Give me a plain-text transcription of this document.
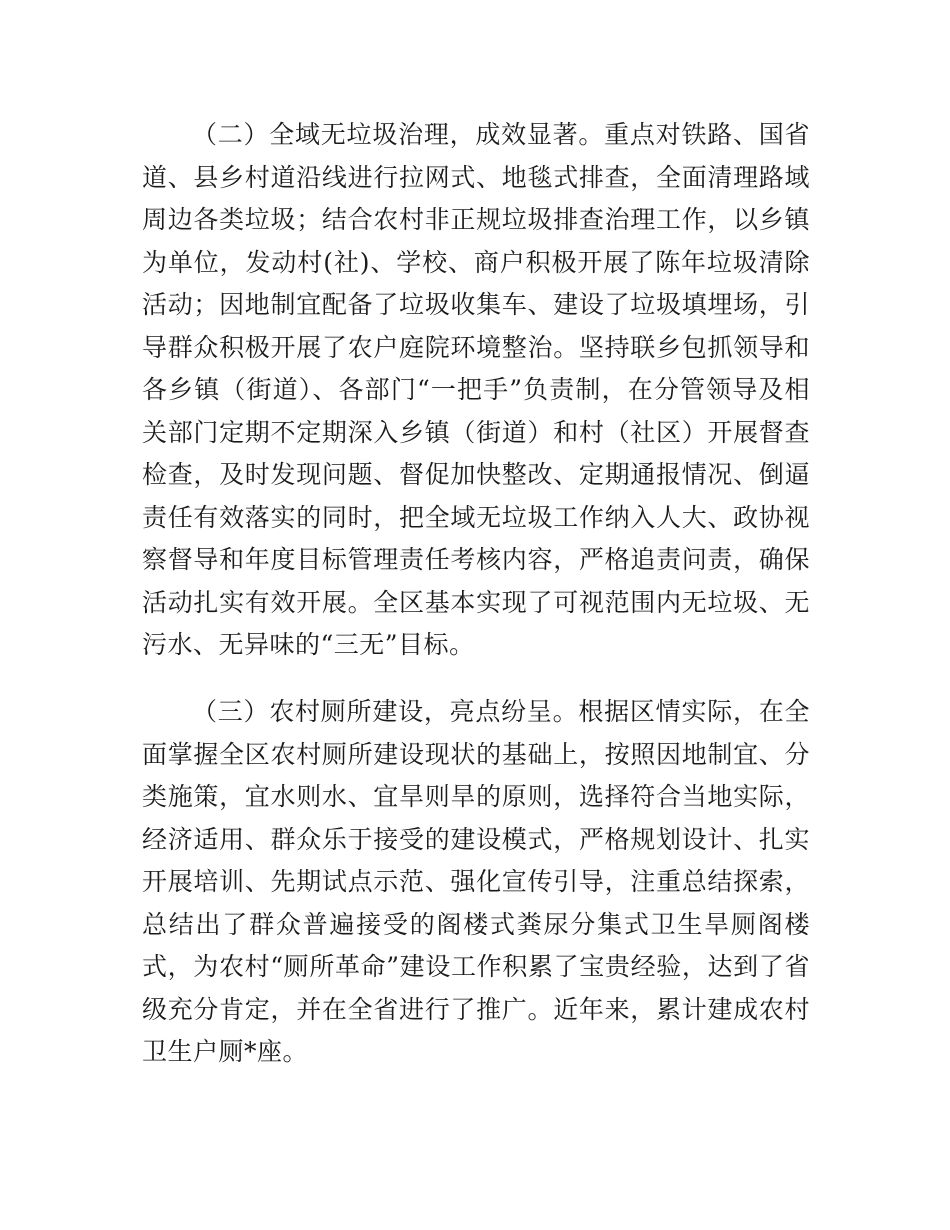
（二）全域无垃圾治理，成效显著。重点对铁路、国省道、县乡村道沿线进行拉网式、地毯式排查，全面清理路域周边各类垃圾；结合农村非正规垃圾排查治理工作，以乡镇为单位，发动村(社)、学校、商户积极开展了陈年垃圾清除活动；因地制宜配备了垃圾收集车、建设了垃圾填埋场，引导群众积极开展了农户庭院环境整治。坚持联乡包抓领导和各乡镇（街道）、各部门“一把手”负责制，在分管领导及相关部门定期不定期深入乡镇（街道）和村（社区）开展督查检查，及时发现问题、督促加快整改、定期通报情况、倒逼责任有效落实的同时，把全域无垃圾工作纳入人大、政协视察督导和年度目标管理责任考核内容，严格追责问责，确保活动扎实有效开展。全区基本实现了可视范围内无垃圾、无污水、无异味的“三无”目标。

（三）农村厕所建设，亮点纷呈。根据区情实际，在全面掌握全区农村厕所建设现状的基础上，按照因地制宜、分类施策，宜水则水、宜旱则旱的原则，选择符合当地实际，经济适用、群众乐于接受的建设模式，严格规划设计、扎实开展培训、先期试点示范、强化宣传引导，注重总结探索，总结出了群众普遍接受的阁楼式粪尿分集式卫生旱厕阁楼式，为农村“厕所革命”建设工作积累了宝贵经验，达到了省级充分肯定，并在全省进行了推广。近年来，累计建成农村卫生户厕*座。
